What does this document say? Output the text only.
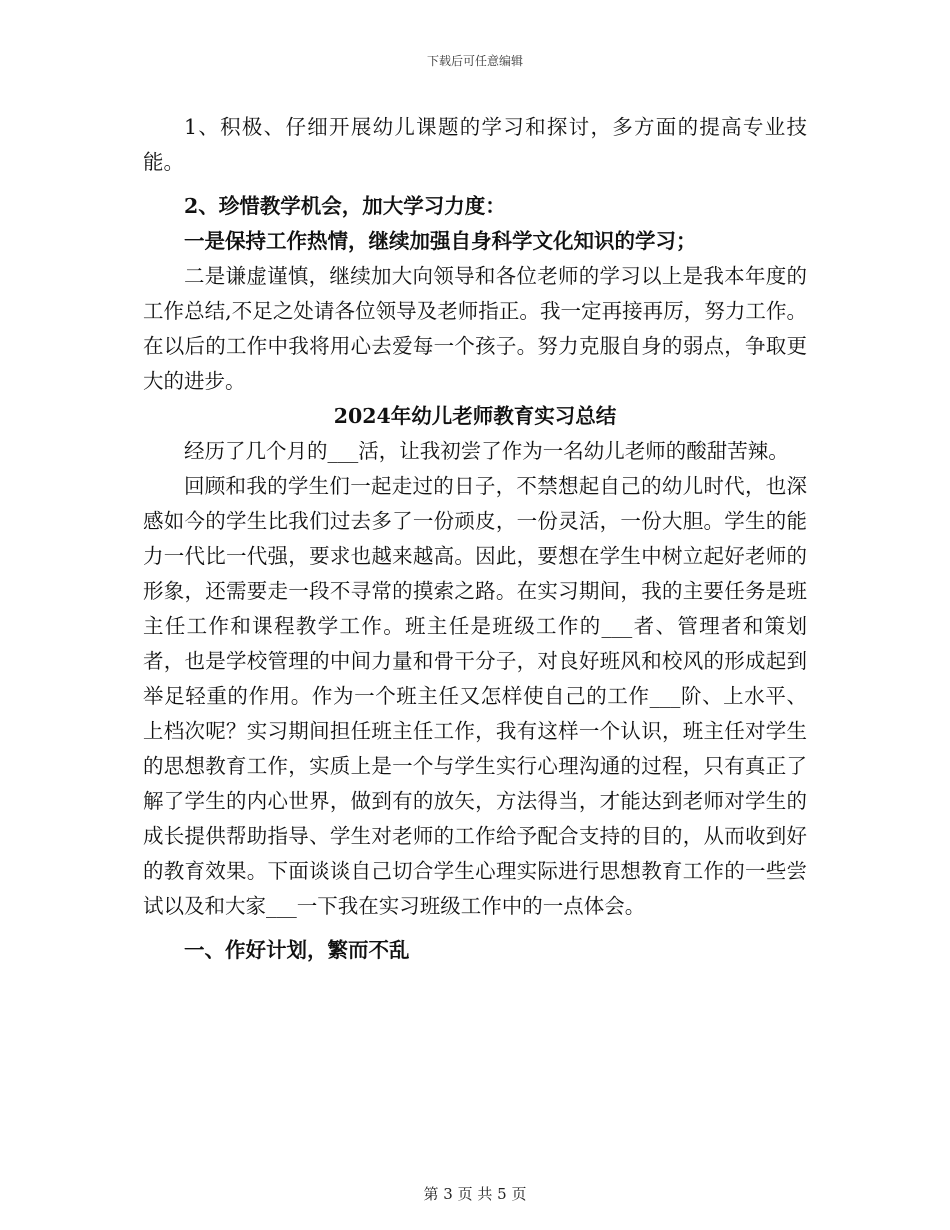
下载后可任意编辑

1、积极、仔细开展幼儿课题的学习和探讨，多方面的提高专业技能。

2、珍惜教学机会，加大学习力度：

一是保持工作热情，继续加强自身科学文化知识的学习；

二是谦虚谨慎，继续加大向领导和各位老师的学习以上是我本年度的工作总结,不足之处请各位领导及老师指正。我一定再接再厉，努力工作。在以后的工作中我将用心去爱每一个孩子。努力克服自身的弱点，争取更大的进步。

2024年幼儿老师教育实习总结

经历了几个月的___活，让我初尝了作为一名幼儿老师的酸甜苦辣。

回顾和我的学生们一起走过的日子，不禁想起自己的幼儿时代，也深感如今的学生比我们过去多了一份顽皮，一份灵活，一份大胆。学生的能力一代比一代强，要求也越来越高。因此，要想在学生中树立起好老师的形象，还需要走一段不寻常的摸索之路。在实习期间，我的主要任务是班主任工作和课程教学工作。班主任是班级工作的___者、管理者和策划者，也是学校管理的中间力量和骨干分子，对良好班风和校风的形成起到举足轻重的作用。作为一个班主任又怎样使自己的工作___阶、上水平、上档次呢？实习期间担任班主任工作，我有这样一个认识，班主任对学生的思想教育工作，实质上是一个与学生实行心理沟通的过程，只有真正了解了学生的内心世界，做到有的放矢，方法得当，才能达到老师对学生的成长提供帮助指导、学生对老师的工作给予配合支持的目的，从而收到好的教育效果。下面谈谈自己切合学生心理实际进行思想教育工作的一些尝试以及和大家___一下我在实习班级工作中的一点体会。

一、作好计划，繁而不乱

第 3 页 共 5 页
